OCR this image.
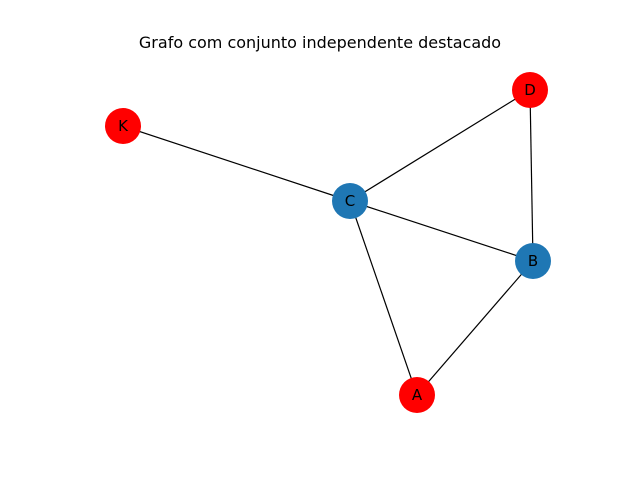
Grafo com conjunto independente destacado
K
D
C
B
A
